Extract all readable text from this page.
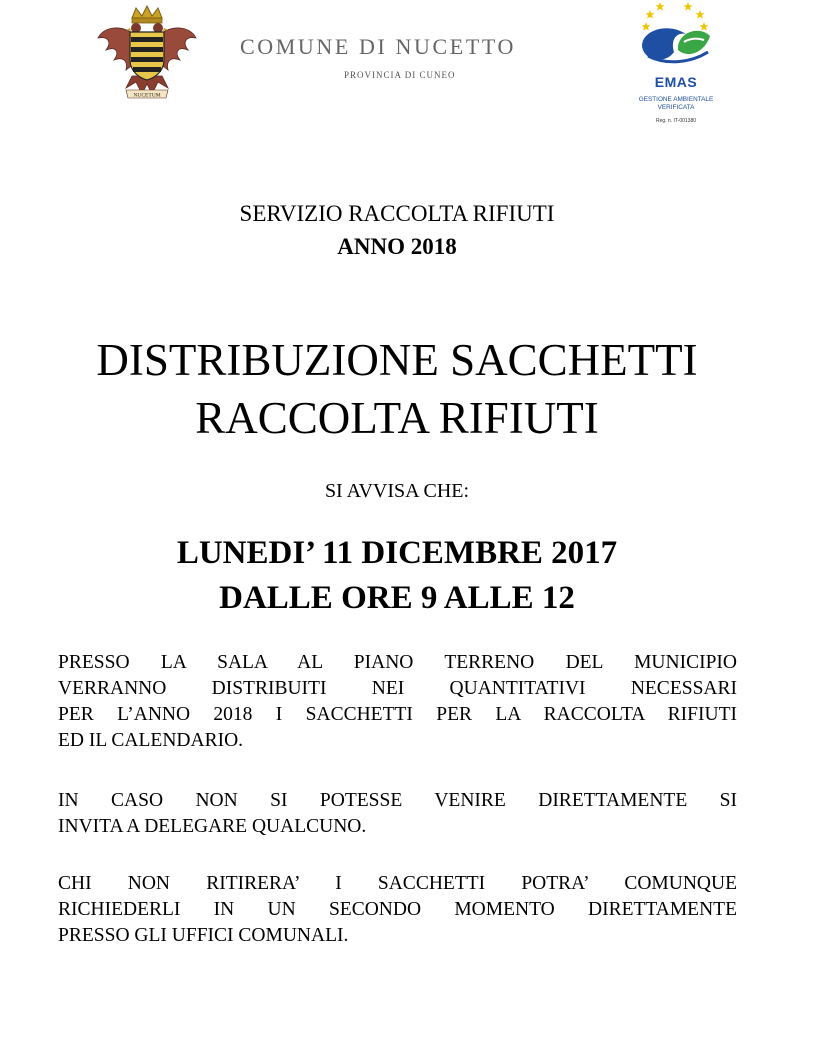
NUCETUM
COMUNE DI NUCETTO
PROVINCIA DI CUNEO	EMAS
GESTIONE AMBIENTALE
VERIFICATA
Reg. n. IT-001380
SERVIZIO RACCOLTA RIFIUTI
ANNO 2018
DISTRIBUZIONE SACCHETTI
RACCOLTA RIFIUTI
SI AVVISA CHE:
LUNEDI’ 11 DICEMBRE 2017
DALLE ORE 9 ALLE 12
PRESSO LA SALA AL PIANO TERRENO DEL MUNICIPIO
VERRANNO DISTRIBUITI NEI QUANTITATIVI NECESSARI
PER L’ANNO 2018 I SACCHETTI PER LA RACCOLTA RIFIUTI
ED IL CALENDARIO.
IN CASO NON SI POTESSE VENIRE DIRETTAMENTE SI
INVITA A DELEGARE QUALCUNO.
CHI NON RITIRERA’ I SACCHETTI POTRA’ COMUNQUE
RICHIEDERLI IN UN SECONDO MOMENTO DIRETTAMENTE
PRESSO GLI UFFICI COMUNALI.
